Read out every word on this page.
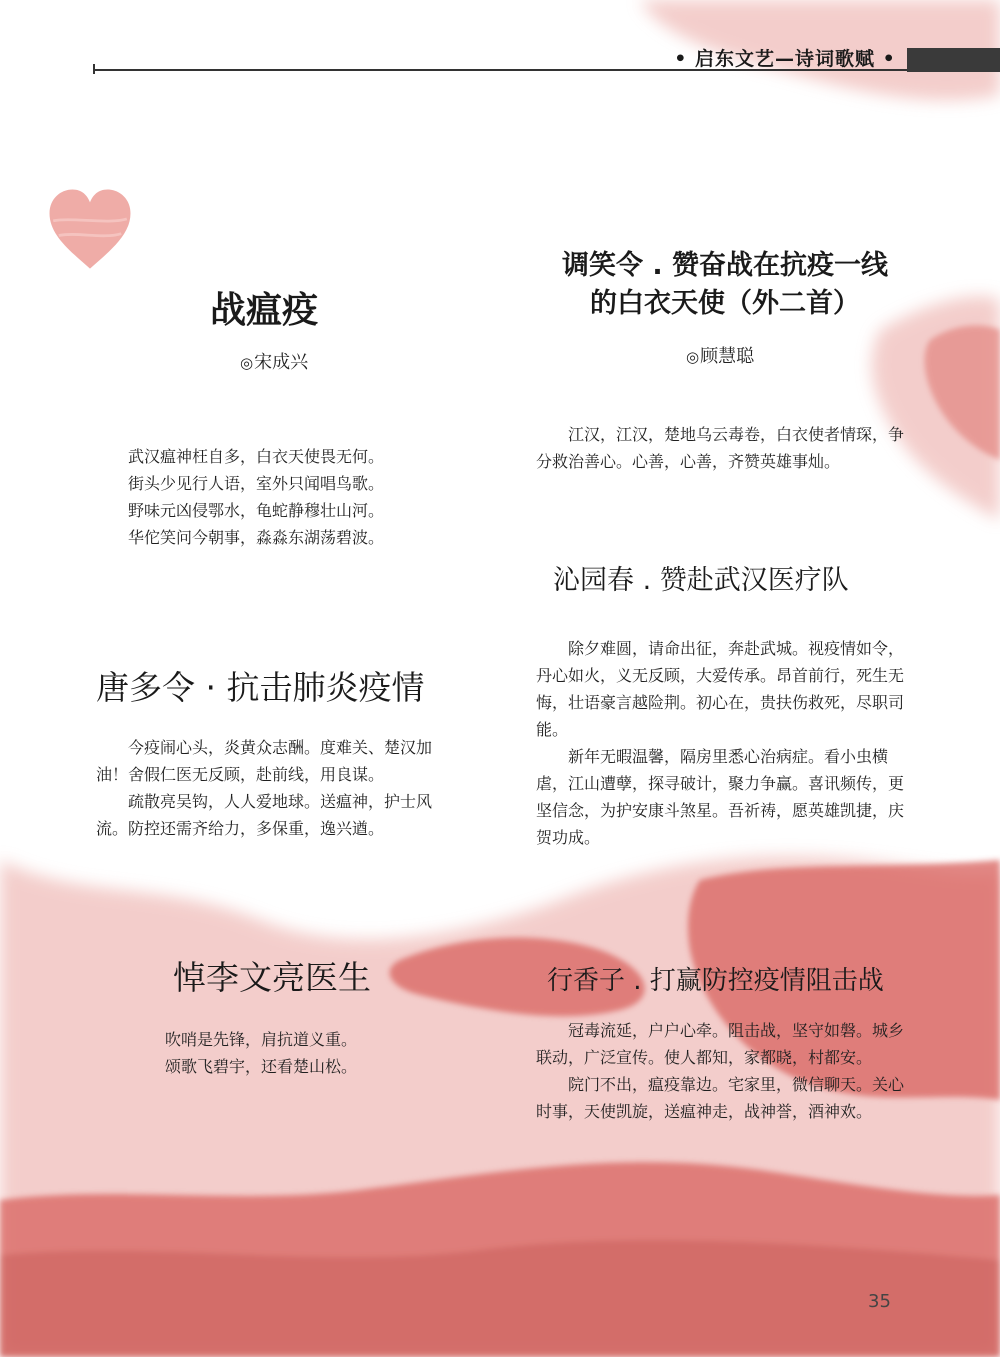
• 启东文艺—诗词歌赋 •
战瘟疫
◎宋成兴

武汉瘟神枉自多，白衣天使畏无何。

街头少见行人语，室外只闻唱鸟歌。

野味元凶侵鄂水，龟蛇静穆壮山河。

华佗笑问今朝事，淼淼东湖荡碧波。

唐多令 · 抗击肺炎疫情

今疫闹心头，炎黄众志酬。度难关、楚汉加油！舍假仁医无反顾，赴前线，用良谋。

疏散亮吴钩，人人爱地球。送瘟神，护士风流。防控还需齐给力，多保重，逸兴遒。

悼李文亮医生

吹哨是先锋，肩抗道义重。

颂歌飞碧宇，还看楚山松。

调笑令 . 赞奋战在抗疫一线
的白衣天使（外二首）
◎顾慧聪

江汉，江汉，楚地乌云毒卷，白衣使者情琛，争分救治善心。心善，心善，齐赞英雄事灿。

沁园春 . 赞赴武汉医疗队

除夕难圆，请命出征，奔赴武城。视疫情如令，丹心如火，义无反顾，大爱传承。昂首前行，死生无悔，壮语豪言越险荆。初心在，贵扶伤救死，尽职司能。

新年无暇温馨，隔房里悉心治病症。看小虫横虐，江山遭孽，探寻破计，聚力争赢。喜讯频传，更坚信念，为护安康斗煞星。吾祈祷，愿英雄凯捷，庆贺功成。

行香子 . 打赢防控疫情阻击战

冠毒流延，户户心牵。阻击战，坚守如磐。城乡联动，广泛宣传。使人都知，家都晓，村都安。

院门不出，瘟疫靠边。宅家里，微信聊天。关心时事，天使凯旋，送瘟神走，战神誉，酒神欢。

35
